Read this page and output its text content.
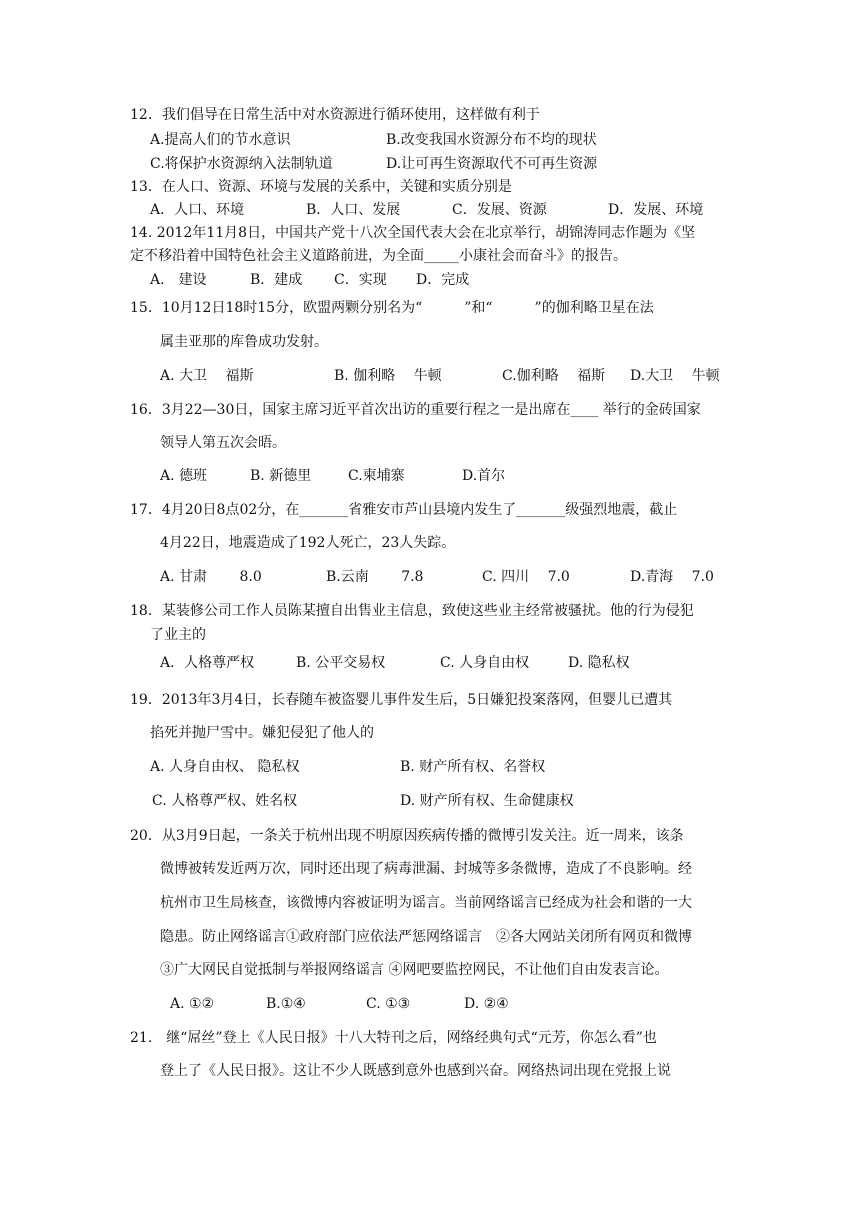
12．我们倡导在日常生活中对水资源进行循环使用，这样做有利于
A.提高人们的节水意识	B.改变我国水资源分布不均的现状
C.将保护水资源纳入法制轨道	D.让可再生资源取代不可再生资源
13．在人口、资源、环境与发展的关系中，关键和实质分别是
A．人口、环境	B．人口、发展	C．发展、资源	D．发展、环境
14. 2012年11月8日，中国共产党十八次全国代表大会在北京举行，胡锦涛同志作题为《坚
定不移沿着中国特色社会主义道路前进，为全面_____小康社会而奋斗》的报告。
A.　建设	B．建成 C．实现 D．完成
15．10月12日18时15分，欧盟两颗分别名为“　　　”和“　　　”的伽利略卫星在法
属圭亚那的库鲁成功发射。
A. 大卫　 福斯	B. 伽利略　 牛顿	C.伽利略　 福斯 D.大卫　 牛顿
16．3月22—30日，国家主席习近平首次出访的重要行程之一是出席在____ 举行的金砖国家
领导人第五次会晤。
A. 德班	B. 新德里	C.柬埔寨	D.首尔
17．4月20日8点02分，在_______省雅安市芦山县境内发生了_______级强烈地震，截止
4月22日，地震造成了192人死亡，23人失踪。
A. 甘肃　　 8.0	B.云南　　 7.8	C. 四川　 7.0	D.青海　 7.0
18．某装修公司工作人员陈某擅自出售业主信息，致使这些业主经常被骚扰。他的行为侵犯
了业主的
A．人格尊严权	B. 公平交易权	C. 人身自由权	D. 隐私权
19．2013年3月4日，长春随车被盗婴儿事件发生后，5日嫌犯投案落网，但婴儿已遭其
掐死并抛尸雪中。嫌犯侵犯了他人的
A. 人身自由权、 隐私权	B. 财产所有权、名誉权
C. 人格尊严权、姓名权	D. 财产所有权、生命健康权
20．从3月9日起，一条关于杭州出现不明原因疾病传播的微博引发关注。近一周来，该条
微博被转发近两万次，同时还出现了病毒泄漏、封城等多条微博，造成了不良影响。经
杭州市卫生局核查，该微博内容被证明为谣言。当前网络谣言已经成为社会和谐的一大
隐患。防止网络谣言①政府部门应依法严惩网络谣言　②各大网站关闭所有网页和微博
③广大网民自觉抵制与举报网络谣言 ④网吧要监控网民，不让他们自由发表言论。
A. ①②	B.①④	C. ①③	D. ②④
21.　继“屌丝”登上《人民日报》十八大特刊之后，网络经典句式“元芳，你怎么看”也
登上了《人民日报》。这让不少人既感到意外也感到兴奋。网络热词出现在党报上说
